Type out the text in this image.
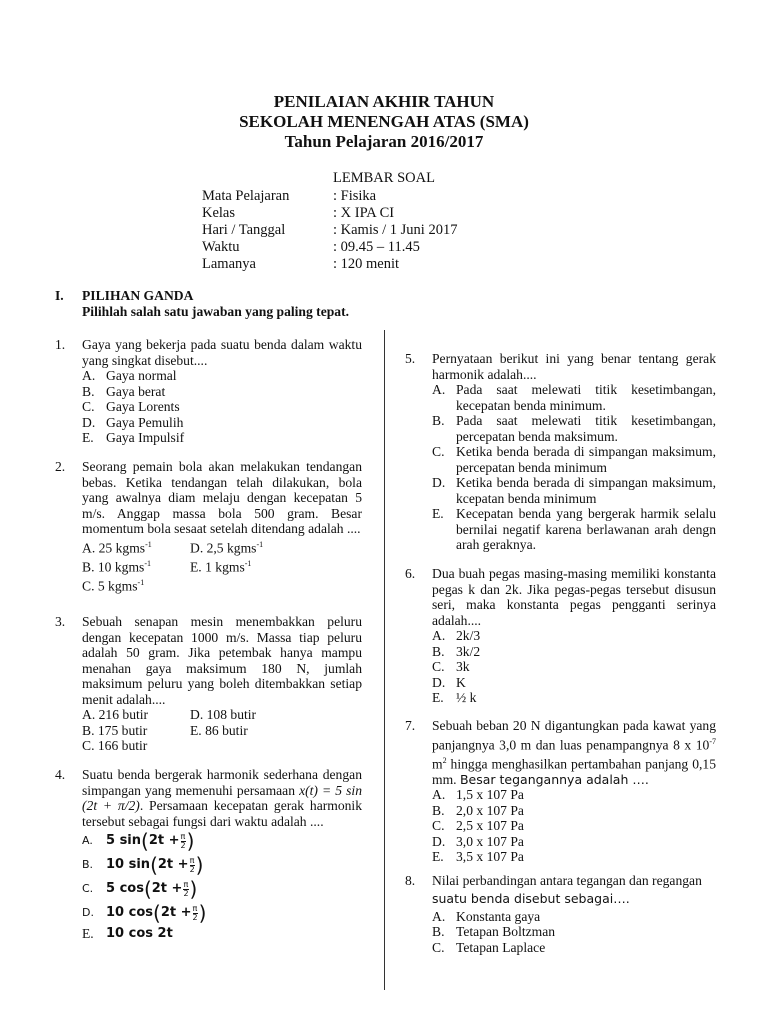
PENILAIAN AKHIR TAHUN
SEKOLAH MENENGAH ATAS (SMA)
Tahun Pelajaran 2016/2017
LEMBAR SOAL
Mata Pelajaran	: Fisika
Kelas	: X IPA CI
Hari / Tanggal	: Kamis / 1 Juni 2017
Waktu	: 09.45 – 11.45
Lamanya	: 120 menit
I. PILIHAN GANDA
Pilihlah salah satu jawaban yang paling tepat.
1. Gaya yang bekerja pada suatu benda dalam waktu yang singkat disebut....
A. Gaya normal
B. Gaya berat
C. Gaya Lorents
D. Gaya Pemulih
E. Gaya Impulsif
2. Seorang pemain bola akan melakukan tendangan bebas. Ketika tendangan telah dilakukan, bola yang awalnya diam melaju dengan kecepatan 5 m/s. Anggap massa bola 500 gram. Besar momentum bola sesaat setelah ditendang adalah ....
A. 25 kgms$^{-1}$	D. 2,5 kgms$^{-1}$
B. 10 kgms$^{-1}$	E. 1 kgms$^{-1}$
C. 5 kgms$^{-1}$
3. Sebuah senapan mesin menembakkan peluru dengan kecepatan 1000 m/s. Massa tiap peluru adalah 50 gram. Jika petembak hanya mampu menahan gaya maksimum 180 N, jumlah maksimum peluru yang boleh ditembakkan setiap menit adalah....
A. 216 butir	D. 108 butir
B. 175 butir	E. 86 butir
C. 166 butir
4. Suatu benda bergerak harmonik sederhana dengan simpangan yang memenuhi persamaan x(t) = 5 sin (2t + π/2). Persamaan kecepatan gerak harmonik tersebut sebagai fungsi dari waktu adalah ....
A.	5 sin ( $2t + \frac{\pi}{2}$ )
B. 10 sin ( $2t + \frac{\pi}{2}$ )
C. 5 cos ( $2t + \frac{\pi}{2}$ )
D. 10 cos ( $2t + \frac{\pi}{2}$ )
E. 10 cos 2t
5. Pernyataan berikut ini yang benar tentang gerak harmonik adalah....
A. Pada saat melewati titik kesetimbangan, kecepatan benda minimum.
B. Pada saat melewati titik kesetimbangan, percepatan benda maksimum.
C. Ketika benda berada di simpangan maksimum, percepatan benda minimum
D. Ketika benda berada di simpangan maksimum, kcepatan benda minimum
E. Kecepatan benda yang bergerak harmik selalu bernilai negatif karena berlawanan arah dengn arah geraknya.
6. Dua buah pegas masing-masing memiliki konstanta pegas k dan 2k. Jika pegas-pegas tersebut disusun seri, maka konstanta pegas pengganti serinya adalah....
A. 2k/3
B. 3k/2
C. 3k
D. K
E. ½ k
7. Sebuah beban 20 N digantungkan pada kawat yang panjangnya 3,0 m dan luas penampangnya 8 x $10^{-7}$ $m^2$ hingga menghasilkan pertambahan panjang 0,15 mm. Besar tegangannya adalah ….
A. 1,5 x 107 Pa
B. 2,0 x 107 Pa
C. 2,5 x 107 Pa
D. 3,0 x 107 Pa
E. 3,5 x 107 Pa
8. Nilai perbandingan antara tegangan dan regangan
suatu benda disebut sebagai….
A. Konstanta gaya
B. Tetapan Boltzman
C. Tetapan Laplace
